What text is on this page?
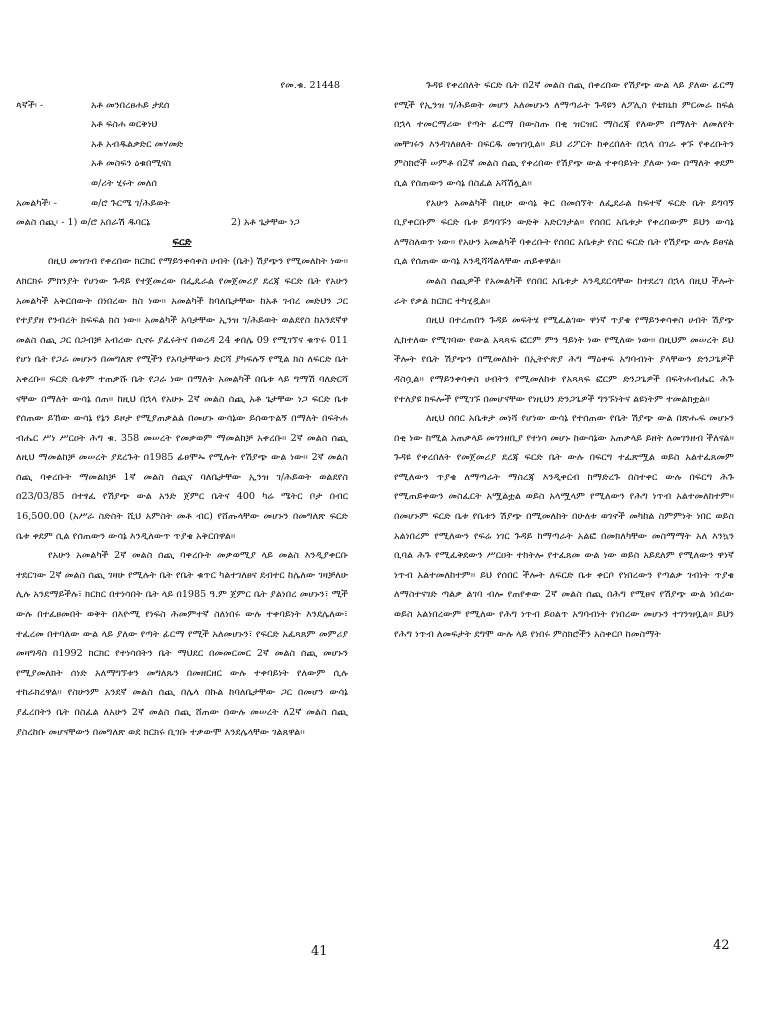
የመ.ቁ. 21448
ጳኛች፡ -	አቶ መንበረፀሐይ ታደሰ
አቶ ፍስሐ ወርቅነህ
አቶ አብዱልቃድር መሃመድ
አቶ መስፍን ዕቁበሚናስ
ወ/ሪት ሂሩት መለሰ
አመልካች፡ -	ወ/ሮ ጉርሜ ገ/ሕይወት
መልስ ሰጪ፡ - 1) ወ/ሮ አበራሽ ዱባርኔ	2) አቶ ጌታቸው ነጋ
ፍርድ

በዚህ መዝገብ የቀረበው ክርክር የማይንቀሳቀስ ሀብት (ቤት) ሽያጭን የሚመለከት ነው፡፡ ለክርክሩ ምክንያት የሆነው ጉዳይ የተጀመረው በፌዴራል የመጀመሪያ ደረጃ ፍርድ ቤት የአሁን አመልካች አቅርበውት በነበረው ክስ ነው፡፡ አመልካች ከባለቤታቸው ከአቶ ገብረ መድህን ጋር የተያያዘ የንብረት ክፍፍል ክስ ነው፡፡ አመልካች አባታቸው ኢንዝ ገ/ሕይወት ወልደየስ ከአንደኛዋ መልስ ሰጪ ጋር በጋብቻ አብረው ሲኖሩ ያፈሩትና በወረዳ 24 ቀበሌ 09 የሚገኘና ቁጥሩ 011 የሆነ ቤት የጋራ መሆኑን በመግለጽ የሚችን የአባታቸውን ድርሻ ያካፍሉኝ የሚል ክስ ለፍርድ ቤት አቀረቡ፡፡ ፍርድ ቤቱም ተጠቃሹ ቤት የጋራ ነው በማለት አመልካች በቤቱ ላይ ግማሽ ባለድርሻ ናቸው በማለት ውሳኔ ሰጠ፡፡ ከዚህ በኋላ የአሁኑ 2ኛ መልስ ሰጪ አቶ ጌታቸው ነጋ ፍርድ ቤቱ የሰጠው ይኸው ውሳኔ የኔን ይዞታ የሚያጠቃልል በመሆኑ ውሳኔው ይሰወጥልኝ በማለት በፍትሐ ብሔር ሥነ ሥርዐት ሕግ ቁ. 358 መሠረት የመቃወም ማመልከቻ አቀረቡ፡፡ 2ኛ መልስ ሰጪ ለዚህ ማመልከቻ መሠረት ያደረጉት በ1985 ፊፀሞኡ የሚሉት የሽያጭ ውል ነው፡፡ 2ኛ መልስ ሰጪ ባቀረቡት ማመልከቻ 1ኛ መልስ ሰጪና ባለቤታቸው ኢንዝ ገ/ሕይወት ወልደየስ በ23/03/85 በተፃፈ የሽያጭ ውል አንድ ጀምር ቤትና 400 ካሬ ሜትር ቦታ በብር 16,500.00 (አሥራ ስድስት ሺህ አምስት መቶ ብር) የሸጡላቸው መሆኑን በመግለጽ ፍርድ ቤቱ ቀደም ሲል የሰጠውን ውሳኔ እንዲለውጥ ጥያቄ አቅርበዋል፡፡

የአሁን አመልካች 2ኛ መልስ ሰጪ ባቀረቡት መቃወሚያ ላይ መልስ እንዲያቀርቡ ተደርገው 2ኛ መልስ ሰጪ ገዛሁ የሚሉት ቤት የቤት ቁጥር ካልተገለፀና ደብተር ከሌለው ገዛቻለሁ ሊሉ አንደማይችሉ፣ ክርክር በተነሳበት ቤት ላይ በ1985 ዓ.ም ጀምር ቤት ያልነበረ መሆኑን፣ ሚች ውሉ በተፈፀመበት ወቅት በእዮሚ የነፍስ ሕመምተኛ ስለነበሩ ውሉ ተቀባይነት እንደሌለው፣ ተፈረመ በተባለው ውል ላይ ያለው የጣት ፊርማ የሚች አለመሆኑን፣ የፍርድ አፈጻጸም መምሪያ መዛግዳስ በ1992 ክርክር የተነሳበትን ቤት ማህደር በመመርመር 2ኛ መልስ ሰጪ መሆኑን የሚያመለክት ሰነድ አለማግኘቱን መግለጹን በመዘርዘር ውሉ ተቀባይነት የለውም ሲሉ ተከራክረዋል፡፡ የስሁንም አንደኛ መልስ ሰጪ በሌላ በኩል ከባለቤታቸው ጋር በመሆን ውሳኔ ያፈረበትን ቤት በስፈል ለአሁን 2ኛ መልስ ሰጪ ሸጠው በውሉ መሠረት ለ2ኛ መልስ ሰጪ ያስረከቡ መሆናቸውን በመግለጽ ወደ ክርክሩ ቢገቡ ተቃውሞ እንደሌላቸው ገልጸዋል፡፡

ጉዳዩ የቀረበለት ፍርድ ቤት በ2ኛ መልስ ሰጪ በቀረበው የሽያጭ ውል ላይ ያለው ፊርማ የሚች የኢንዝ ገ/ሕይወት መሆን አለመሆኑን ለማጣራት ጉዳዩን ለፖሊስ የቴክኒክ ምርመራ ክፍል በኋላ ተመርማሪው የጣት ፊርማ በውስጡ በቂ ዝርዝር ማስረጃ የለውም በማለት ለመለየት መቸገሩን እንዳገለፀለት በፍርዱ መዝገቧል፡፡ ይህ ሪፖርት ከቀረበለት በኋላ በገራ ቀኙ የቀረቡትን ምስክሮች ሠምቶ በ2ኛ መልስ ሰጪ የቀረበው የሽያጭ ውል ተቀባይነት ያለው ነው በማለት ቀደም ሲል የሰጠውን ውሳኔ በስፈል አሻሽሏል፡፡

የአሁን አመልካች በዚሁ ውሳኔ ቅር በመሰኘት ለፌደራል ከፍተኛ ፍርድ ቤት ይግባኝ ቢያቀርቡም ፍርድ ቤቱ ይግባኙን ውድቅ አድርጎታል፡፡ የሰበር አቤቱታ የቀረበውም ይህን ውሳኔ ለማስለወጥ ነው፡፡ የአሁን አመልካች ባቀረቡት የሰበር አቤቱታ የስር ፍርድ ቤት የሽያጭ ውሉ ይፀናል ሲል የሰጠው ውሳኔ እንዲሻሻልላቸው ጠይቀዋል፡፡

መልስ ሰጪዎች የአመልካች የሰበር አቤቱታ እንዲደርሳቸው ከተደረገ በኋላ በዚህ ችሎት ራት የቃል ክርክር ተካሂዷል፡፡

በዚህ በተረጠበን ጉዳይ መፍትሄ የሚፈልገው ዋነኛ ጥያቄ የማይንቀሳቀስ ሀብት ሽያጭ ሊከተለው የሚገባው የውል አጻጻፍ ፎርም ምን ዓይነት ነው የሚለው ነው፡፡ በዚህም መሠረት ይህ ችሎት የቤት ሽያጭን በሚመለከት በኢትዮጵያ ሕግ ማዕቀፍ አግባብነት ያላቸውን ድንጋጌዎች ዳስሷል፡፡ የማይንቀሳቀስ ሀብትን የሚመለከቱ የአጻጻፍ ፎርም ድንጋጌዎች በፍትሐብሔር ሕጉ የተለያዩ ክፍሎች የሚገኙ በመሆናቸው የነዚህን ድንጋጌዎች ግንኙነትና ልዩነትም ተመልክቷል፡፡

ለዚህ ሰበር አቤቱታ መነሻ የሆነው ውሳኔ የተሰጠው የቤት ሽያጭ ውል በጽሑፍ መሆኑን በቂ ነው ከሚል አጠቃላይ መገንዘቢያ የተነሳ መሆኑ ከውሳኔው አጠቃላይ ይዘት ለመገንዘብ ችለናል፡፡ ጉዳዩ የቀረበለት የመጀመሪያ ደረጃ ፍርድ ቤት ውሉ በፍርግ ተፈጽሟል ወይስ አልተፈጸመም የሚለውን ጥያቄ ለማጣራት ማስረጃ እንዲቀርብ ከማድረጉ በስተቀር ውሉ በፍርግ ሕጉ የሚጠይቀውን መስፈርት አሟልቷል ወይስ አላሟላም የሚለውን የሕግ ነጥብ አልተመለከተም፡፡ በመሆኑም ፍርድ ቤቱ የቤቱን ሽያጭ በሚመለከት በሁለቱ ወገኖች መካከል ስምምነት ነበር ወይስ አልነበረም የሚለውን የፍሬ ነገር ጉዳይ ከማጣራት አልፎ በመክለካቸው መስማማት አለ እንኳን ቢባል ሕጉ የሚፈቅደውን ሥርዐት ተከትሎ የተፈጸመ ውል ነው ወይስ አይደለም የሚለውን ዋነኛ ነጥብ አልተመለከተም፡፡ ይህ የሰበር ችሎት ለፍርድ ቤቱ ቀርቦ የነበረውን የጣልቃ ገብነት ጥያቄ ለማስተናገድ ጣልቃ ልገባ ብሎ የጠየቀው 2ኛ መልስ ሰጪ በሕግ የሚፀና የሽያጭ ውል ነበረው ወይስ አልነበረውም የሚለው የሕግ ነጥብ ይዐልጥ አግባብነት የነበረው መሆኑን ተገንዝቧል፡፡ ይህን የሕግ ነጥብ ለመፍታት ደግሞ ውሉ ላይ የነበሩ ምስክሮችን አስቀርቦ ከመስማት

41	42
